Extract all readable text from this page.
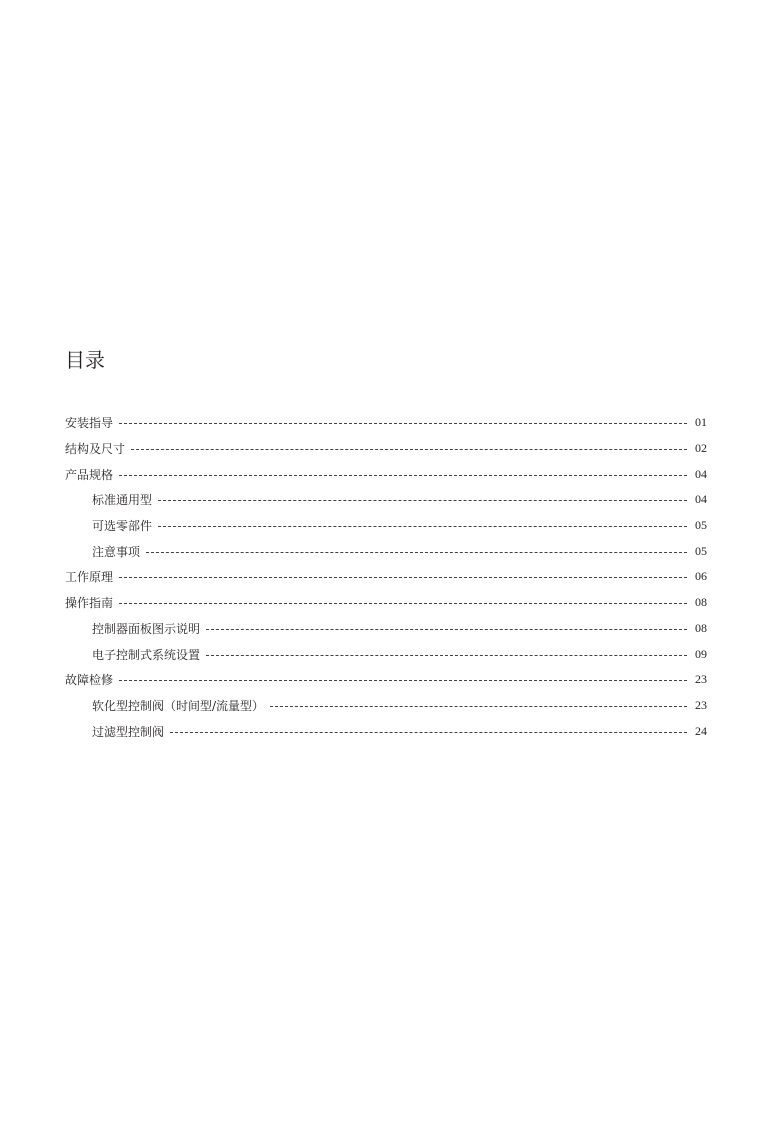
目录
安装指导	01
结构及尺寸	02
产品规格	04
标准通用型	04
可选零部件	05
注意事项	05
工作原理	06
操作指南	08
控制器面板图示说明	08
电子控制式系统设置	09
故障检修	23
软化型控制阀（时间型/流量型）	23
过滤型控制阀	24
